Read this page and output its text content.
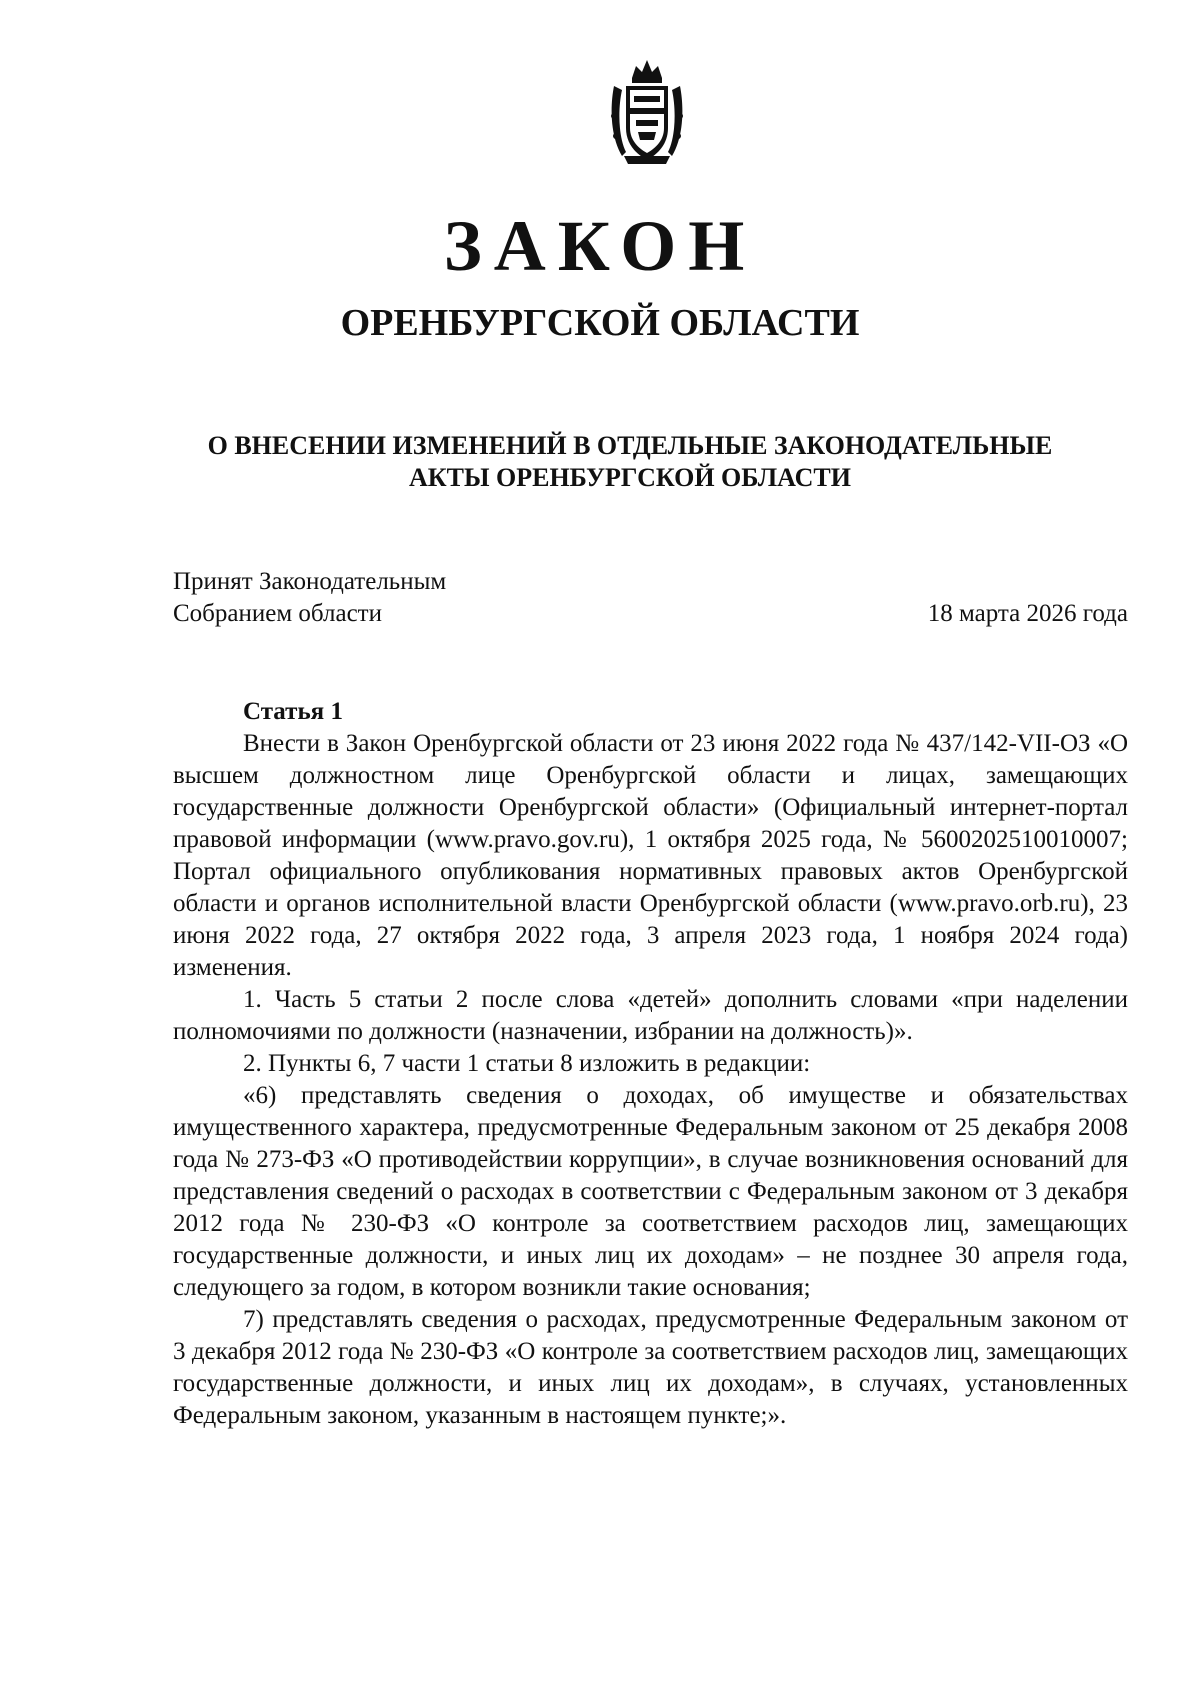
ЗАКОН
ОРЕНБУРГСКОЙ ОБЛАСТИ
О ВНЕСЕНИИ ИЗМЕНЕНИЙ В ОТДЕЛЬНЫЕ ЗАКОНОДАТЕЛЬНЫЕ
АКТЫ ОРЕНБУРГСКОЙ ОБЛАСТИ
Принят Законодательным
Собранием области	18 марта 2026 года
Статья 1

Внести в Закон Оренбургской области от 23 июня 2022 года № 437/142-VII-ОЗ «О высшем должностном лице Оренбургской области и лицах, замещающих государственные должности Оренбургской области» (Официальный интернет-портал правовой информации (www.pravo.gov.ru), 1 октября 2025 года, № 5600202510010007; Портал официального опубликования нормативных правовых актов Оренбургской области и органов исполнительной власти Оренбургской области (www.pravo.orb.ru), 23 июня 2022 года, 27 октября 2022 года, 3 апреля 2023 года, 1 ноября 2024 года) изменения.

1. Часть 5 статьи 2 после слова «детей» дополнить словами «при наделении полномочиями по должности (назначении, избрании на должность)».

2. Пункты 6, 7 части 1 статьи 8 изложить в редакции:

«6) представлять сведения о доходах, об имуществе и обязательствах имущественного характера, предусмотренные Федеральным законом от 25 декабря 2008 года № 273-ФЗ «О противодействии коррупции», в случае возникновения оснований для представления сведений о расходах в соответствии с Федеральным законом от 3 декабря 2012 года № 230-ФЗ «О контроле за соответствием расходов лиц, замещающих государственные должности, и иных лиц их доходам» – не позднее 30 апреля года, следующего за годом, в котором возникли такие основания;

7) представлять сведения о расходах, предусмотренные Федеральным законом от 3 декабря 2012 года № 230-ФЗ «О контроле за соответствием расходов лиц, замещающих государственные должности, и иных лиц их доходам», в случаях, установленных Федеральным законом, указанным в настоящем пункте;».
